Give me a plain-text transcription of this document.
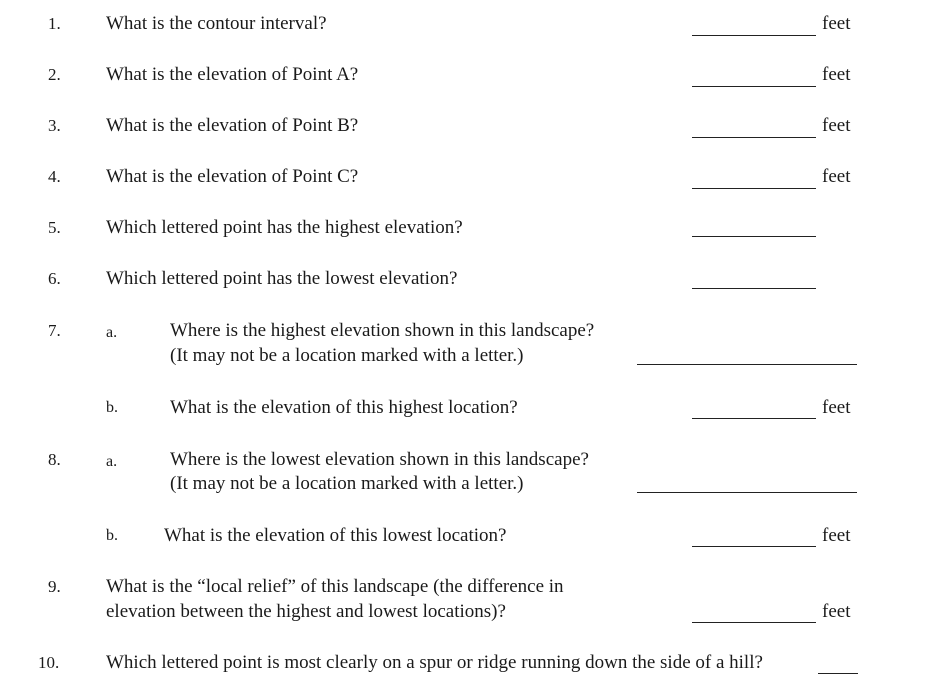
1. What is the contour interval?	feet
2. What is the elevation of Point A?	feet
3. What is the elevation of Point B?	feet
4. What is the elevation of Point C?	feet
5. Which lettered point has the highest elevation?
6. Which lettered point has the lowest elevation?
7.	a.	Where is the highest elevation shown in this landscape?
(It may not be a location marked with a letter.)
b.	What is the elevation of this highest location?	feet
8.	a.	Where is the lowest elevation shown in this landscape?
(It may not be a location marked with a letter.)
b. What is the elevation of this lowest location?	feet
9. What is the “local relief” of this landscape (the difference in
elevation between the highest and lowest locations)?	feet
10. Which lettered point is most clearly on a spur or ridge running down the side of a hill?
